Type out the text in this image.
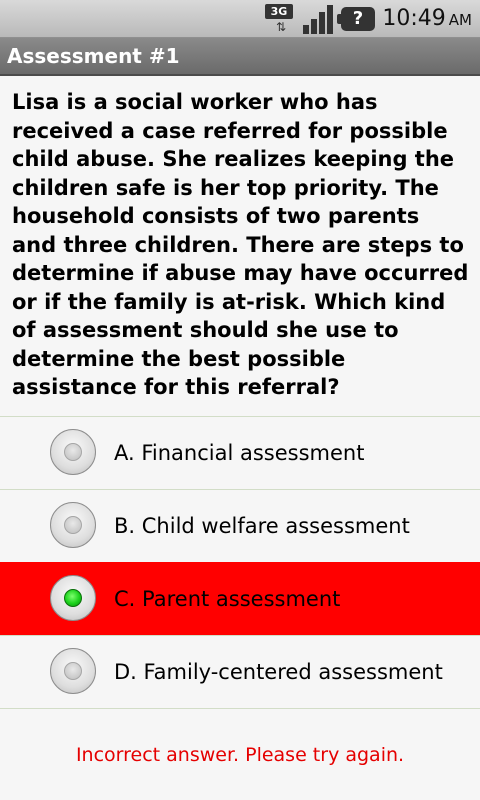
3G
⇅	? 10:49 AM
Assessment #1
Lisa is a social worker who has received a case referred for possible child abuse. She realizes keeping the children safe is her top priority. The household consists of two parents and three children. There are steps to determine if abuse may have occurred or if the family is at-risk. Which kind of assessment should she use to determine the best possible assistance for this referral?
A. Financial assessment
B. Child welfare assessment
C. Parent assessment
D. Family-centered assessment
Incorrect answer. Please try again.
